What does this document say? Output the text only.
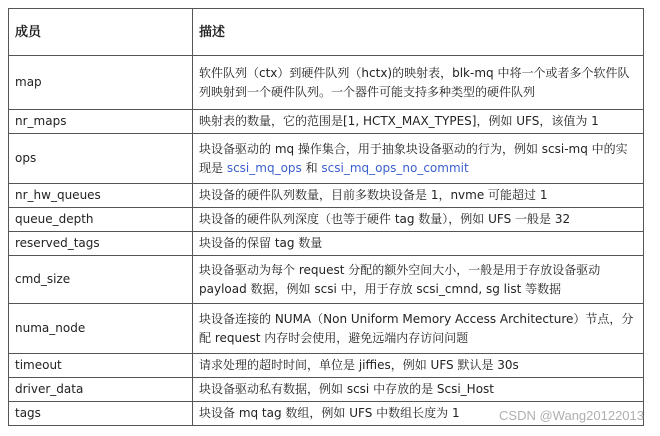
成员	描述
map	软件队列（ctx）到硬件队列（hctx)的映射表，blk-mq 中将一个或者多个软件队列映射到一个硬件队列。一个器件可能支持多种类型的硬件队列
nr_maps	映射表的数量，它的范围是[1, HCTX_MAX_TYPES]，例如 UFS，该值为 1
ops	块设备驱动的 mq 操作集合，用于抽象块设备驱动的行为，例如 scsi-mq 中的实现是 scsi_mq_ops 和 scsi_mq_ops_no_commit
nr_hw_queues	块设备的硬件队列数量，目前多数块设备是 1，nvme 可能超过 1
queue_depth	块设备的硬件队列深度（也等于硬件 tag 数量），例如 UFS 一般是 32
reserved_tags	块设备的保留 tag 数量
cmd_size	块设备驱动为每个 request 分配的额外空间大小，一般是用于存放设备驱动 payload 数据，例如 scsi 中，用于存放 scsi_cmnd, sg list 等数据
numa_node	块设备连接的 NUMA（Non Uniform Memory Access Architecture）节点，分配 request 内存时会使用，避免远端内存访问问题
timeout	请求处理的超时时间，单位是 jiffies，例如 UFS 默认是 30s
driver_data	块设备驱动私有数据，例如 scsi 中存放的是 Scsi_Host
tags	块设备 mq tag 数组，例如 UFS 中数组长度为 1	CSDN @Wang20122013
